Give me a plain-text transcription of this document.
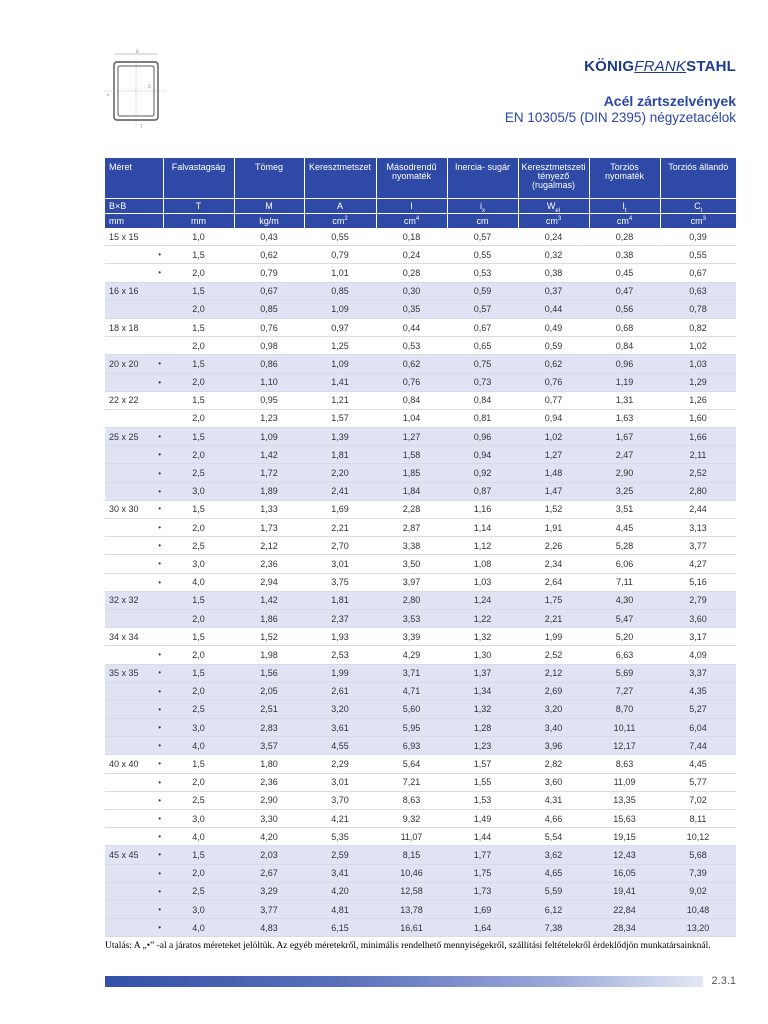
B
D
T
x
KÖNIGFRANKSTAHL
Acél zártszelvények
EN 10305/5 (DIN 2395) négyzetacélok
Méret	Falvastagság	Tömeg	Keresztmetszet	Másodrendű nyomaték	Inercia- sugár	Keresztmetszeti tényező (rugalmas)	Torziós nyomaték	Torziós állandó
B×B	T	M	A	I	$i_x$	$W_{el}$	$I_t$	$C_t$
mm	mm	kg/m	$cm^2$	$cm^4$	cm	$cm^3$	$cm^4$	$cm^3$
15 x 15	1,0	0,43	0,55	0,18	0,57	0,24	0,28	0,39

•	1,5	0,62	0,79	0,24	0,55	0,32	0,38	0,55

•	2,0	0,79	1,01	0,28	0,53	0,38	0,45	0,67
16 x 16	1,5	0,67	0,85	0,30	0,59	0,37	0,47	0,63
	2,0	0,85	1,09	0,35	0,57	0,44	0,56	0,78
18 x 18	1,5	0,76	0,97	0,44	0,67	0,49	0,68	0,82
	2,0	0,98	1,25	0,53	0,65	0,59	0,84	1,02
20 x 20 •	1,5	0,86	1,09	0,62	0,75	0,62	0,96	1,03

•	2,0	1,10	1,41	0,76	0,73	0,76	1,19	1,29
22 x 22	1,5	0,95	1,21	0,84	0,84	0,77	1,31	1,26
	2,0	1,23	1,57	1,04	0,81	0,94	1,63	1,60
25 x 25 •	1,5	1,09	1,39	1,27	0,96	1,02	1,67	1,66

•	2,0	1,42	1,81	1,58	0,94	1,27	2,47	2,11

•	2,5	1,72	2,20	1,85	0,92	1,48	2,90	2,52

•	3,0	1,89	2,41	1,84	0,87	1,47	3,25	2,80
30 x 30 •	1,5	1,33	1,69	2,28	1,16	1,52	3,51	2,44

•	2,0	1,73	2,21	2,87	1,14	1,91	4,45	3,13

•	2,5	2,12	2,70	3,38	1,12	2,26	5,28	3,77

•	3,0	2,36	3,01	3,50	1,08	2,34	6,06	4,27

•	4,0	2,94	3,75	3,97	1,03	2,64	7,11	5,16
32 x 32	1,5	1,42	1,81	2,80	1,24	1,75	4,30	2,79
	2,0	1,86	2,37	3,53	1,22	2,21	5,47	3,60
34 x 34	1,5	1,52	1,93	3,39	1,32	1,99	5,20	3,17

•	2,0	1,98	2,53	4,29	1,30	2,52	6,63	4,09
35 x 35 •	1,5	1,56	1,99	3,71	1,37	2,12	5,69	3,37

•	2,0	2,05	2,61	4,71	1,34	2,69	7,27	4,35

•	2,5	2,51	3,20	5,60	1,32	3,20	8,70	5,27

•	3,0	2,83	3,61	5,95	1,28	3,40	10,11	6,04

•	4,0	3,57	4,55	6,93	1,23	3,96	12,17	7,44
40 x 40 •	1,5	1,80	2,29	5,64	1,57	2,82	8,63	4,45

•	2,0	2,36	3,01	7,21	1,55	3,60	11,09	5,77

•	2,5	2,90	3,70	8,63	1,53	4,31	13,35	7,02

•	3,0	3,30	4,21	9,32	1,49	4,66	15,63	8,11

•	4,0	4,20	5,35	11,07	1,44	5,54	19,15	10,12
45 x 45 •	1,5	2,03	2,59	8,15	1,77	3,62	12,43	5,68

•	2,0	2,67	3,41	10,46	1,75	4,65	16,05	7,39

•	2,5	3,29	4,20	12,58	1,73	5,59	19,41	9,02

•	3,0	3,77	4,81	13,78	1,69	6,12	22,84	10,48

•	4,0	4,83	6,15	16,61	1,64	7,38	28,34	13,20
Utalás: A „•” -al a járatos méreteket jelöltük. Az egyéb méretekről, minimális rendelhető mennyiségekről, szállítási feltételekről érdeklődjön munkatársainknál.
2.3.1
